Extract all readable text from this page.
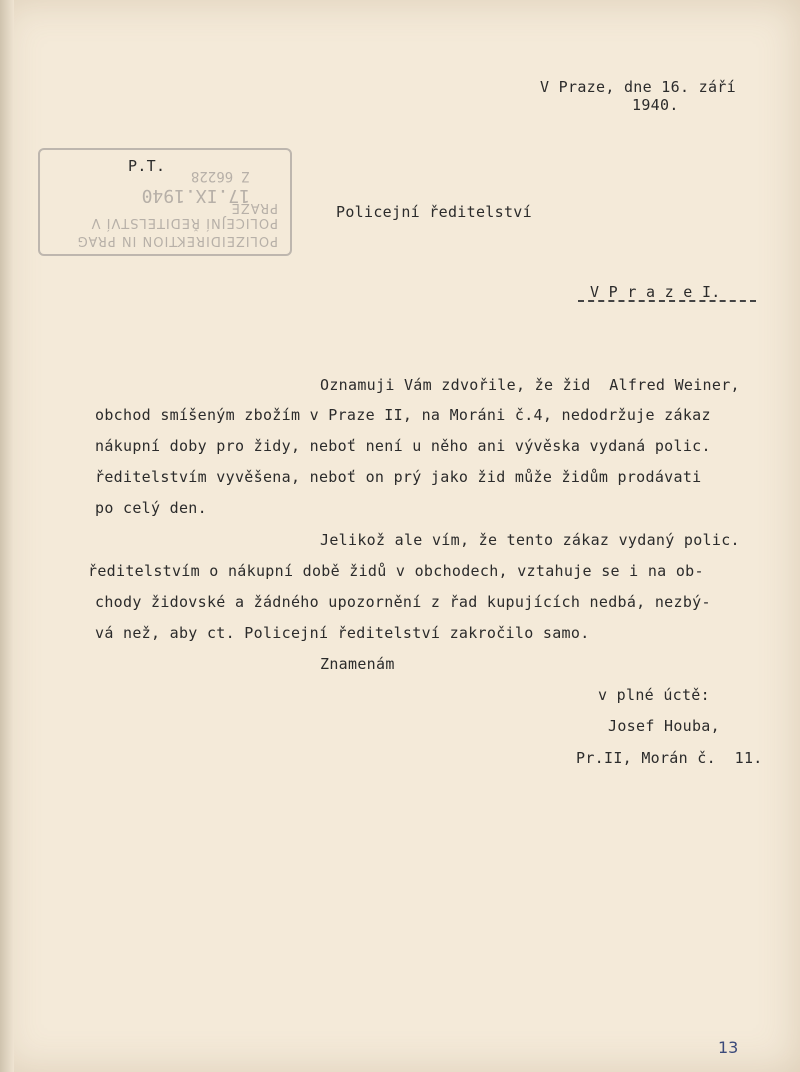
V Praze, dne 16. září
1940.
POLIZEIDIREKTION IN PRAG
POLICEJNÍ ŘEDITELSTVÍ V PRAZE
17.IX.1940
Z 66228
P.T.
Policejní ředitelství
V P r a z e I.
Oznamuji Vám zdvořile, že žid  Alfred Weiner,
obchod smíšeným zbožím v Praze II, na Moráni č.4, nedodržuje zákaz
nákupní doby pro židy, neboť není u něho ani vývěska vydaná polic.
ředitelstvím vyvěšena, neboť on prý jako žid může židům prodávati
po celý den.
Jelikož ale vím, že tento zákaz vydaný polic.
ředitelstvím o nákupní době židů v obchodech, vztahuje se i na ob-
chody židovské a žádného upozornění z řad kupujících nedbá, nezbý-
vá než, aby ct. Policejní ředitelství zakročilo samo.
Znamenám
v plné úctě:
Josef Houba,
Pr.II, Morán č.  11.
13
